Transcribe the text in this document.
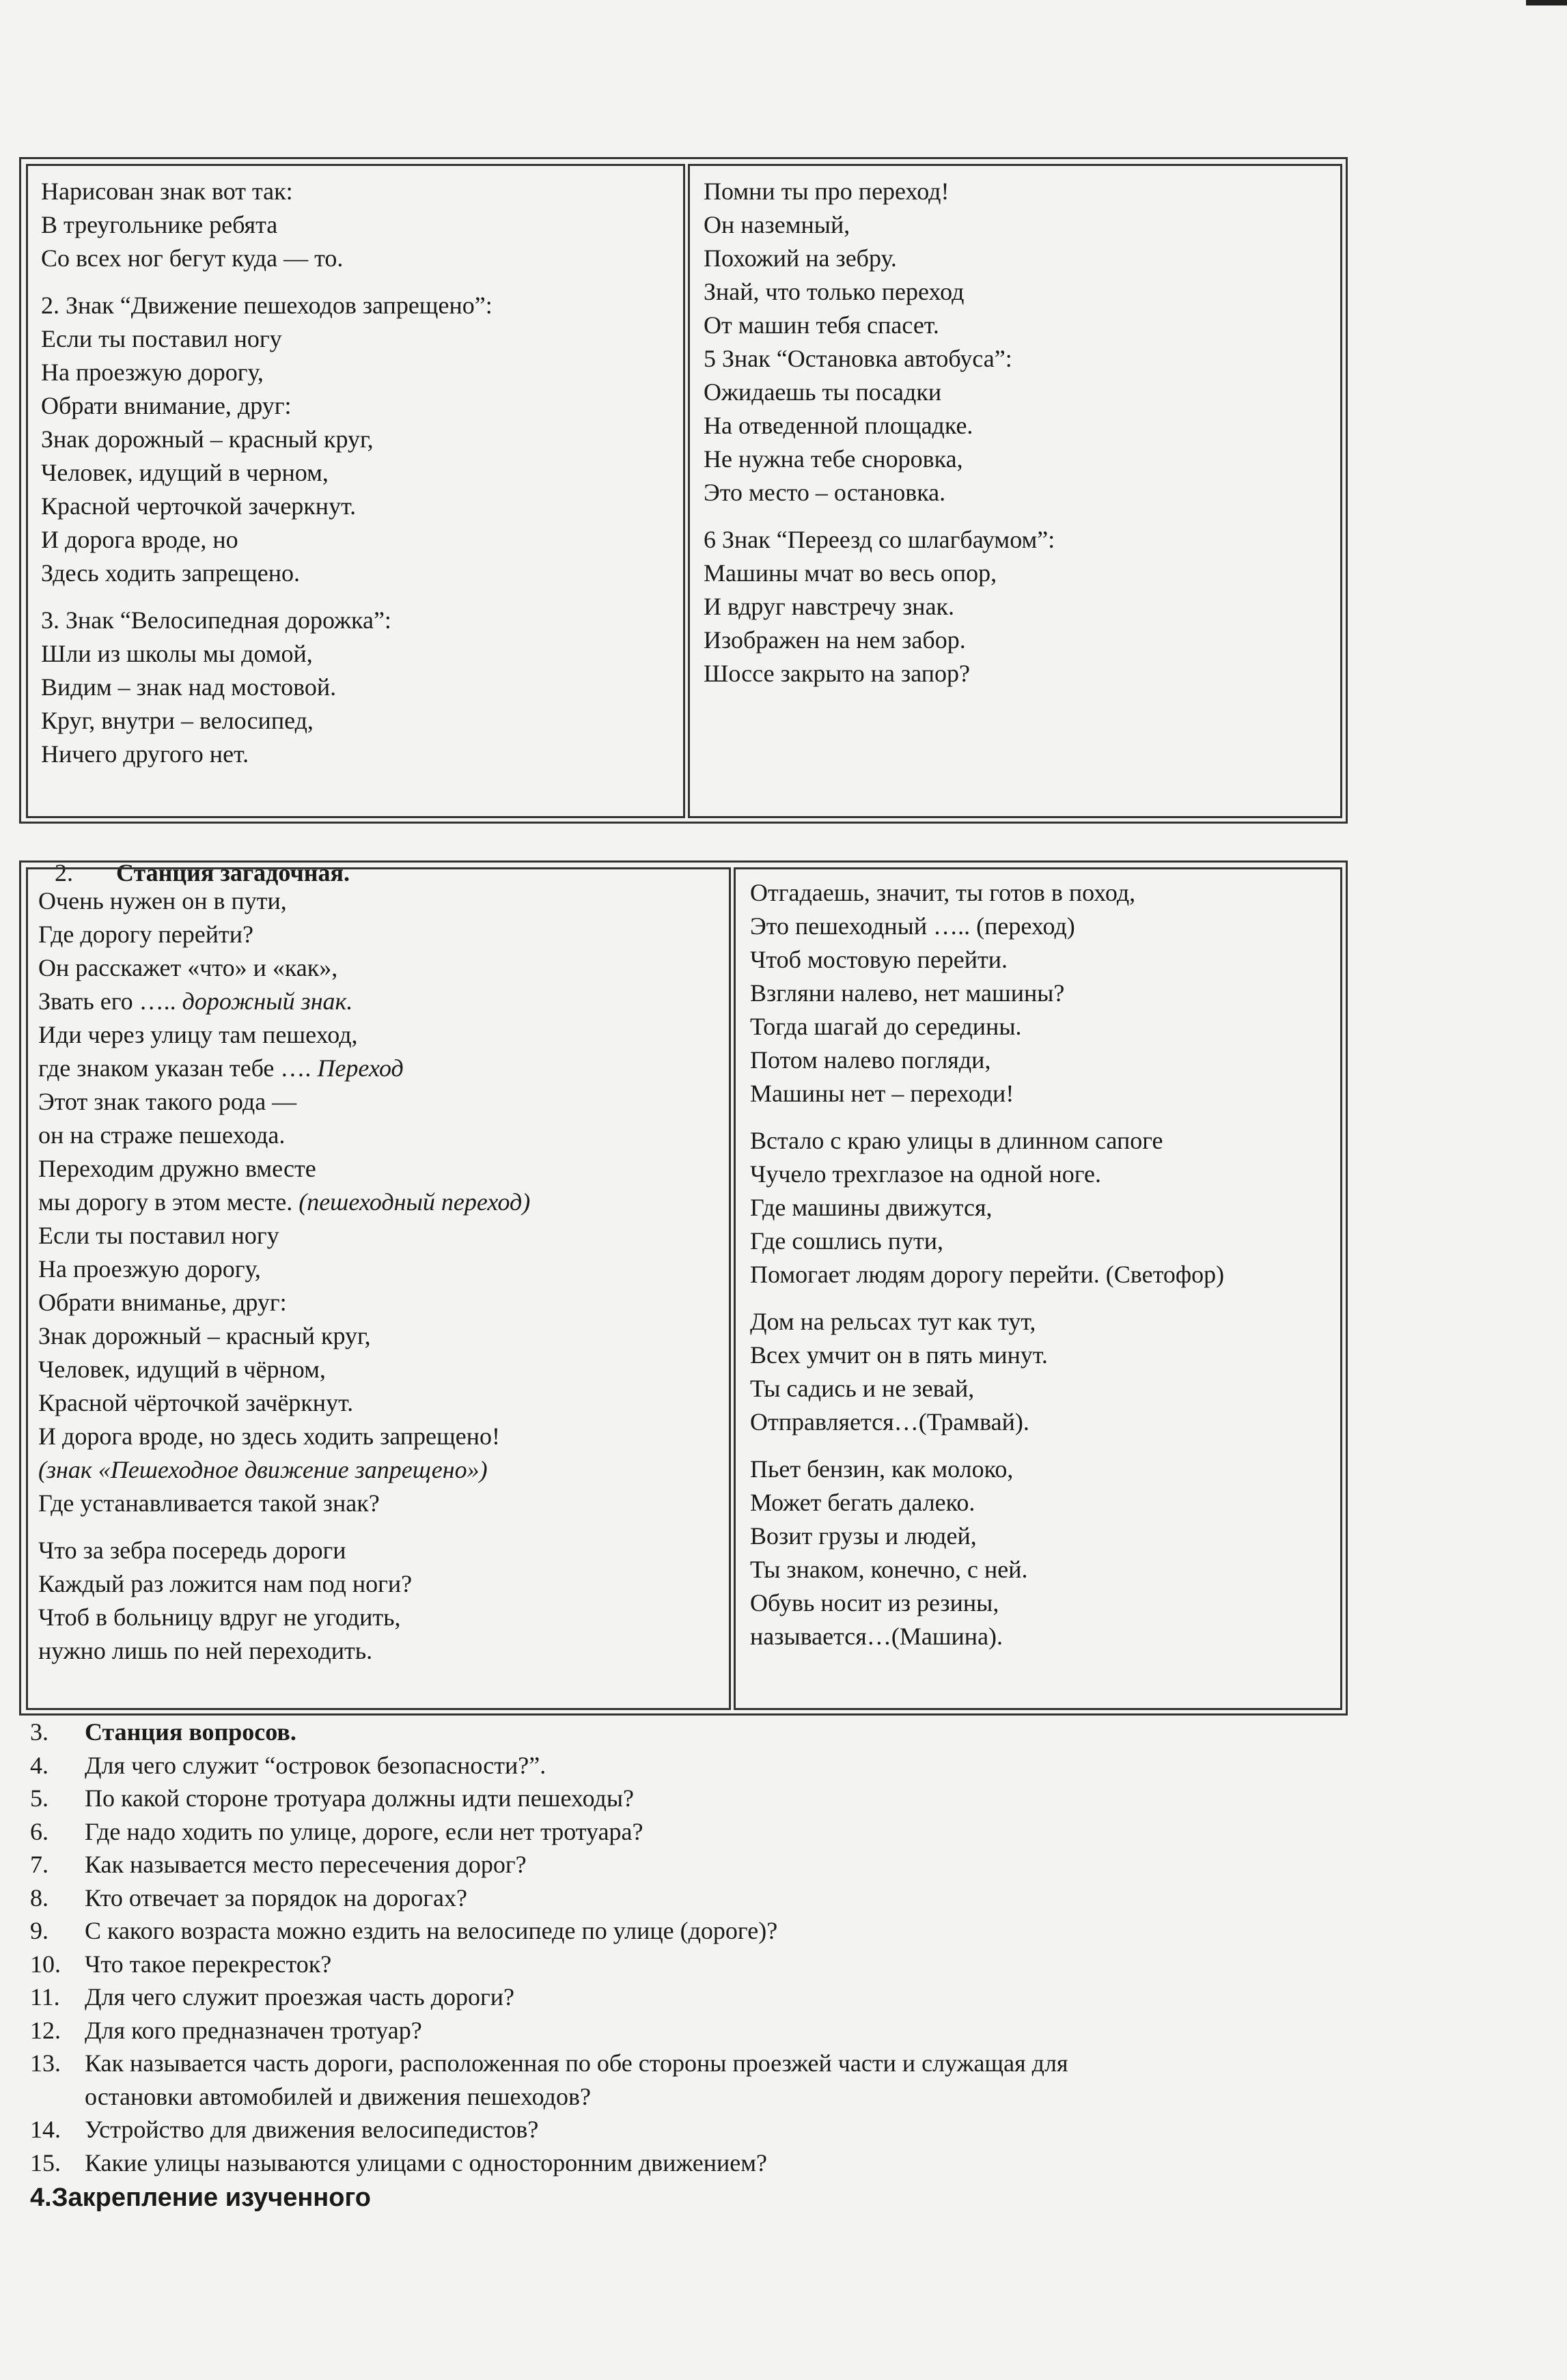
Нарисован знак вот так:
В треугольнике ребята
Со всех ног бегут куда — то.
2. Знак “Движение пешеходов запрещено”:
Если ты поставил ногу
На проезжую дорогу,
Обрати внимание, друг:
Знак дорожный – красный круг,
Человек, идущий в черном,
Красной черточкой зачеркнут.
И дорога вроде, но
Здесь ходить запрещено.
3. Знак “Велосипедная дорожка”:
Шли из школы мы домой,
Видим – знак над мостовой.
Круг, внутри – велосипед,
Ничего другого нет.
Помни ты про переход!
Он наземный,
Похожий на зебру.
Знай, что только переход
От машин тебя спасет.
5 Знак “Остановка автобуса”:
Ожидаешь ты посадки
На отведенной площадке.
Не нужна тебе сноровка,
Это место – остановка.
6 Знак “Переезд со шлагбаумом”:
Машины мчат во весь опор,
И вдруг навстречу знак.
Изображен на нем забор.
Шоссе закрыто на запор?

2. Станция загадочная.

Очень нужен он в пути,
Где дорогу перейти?
Он расскажет «что» и «как»,
Звать его ….. дорожный знак.
Иди через улицу там пешеход,
где знаком указан тебе …. Переход
Этот знак такого рода —
он на страже пешехода.
Переходим дружно вместе
мы дорогу в этом месте. (пешеходный переход)
Если ты поставил ногу
На проезжую дорогу,
Обрати вниманье, друг:
Знак дорожный – красный круг,
Человек, идущий в чёрном,
Красной чёрточкой зачёркнут.
И дорога вроде, но здесь ходить запрещено!
(знак «Пешеходное движение запрещено»)
Где устанавливается такой знак?
Что за зебра посередь дороги
Каждый раз ложится нам под ноги?
Чтоб в больницу вдруг не угодить,
нужно лишь по ней переходить.
Отгадаешь, значит, ты готов в поход,
Это пешеходный ….. (переход)
Чтоб мостовую перейти.
Взгляни налево, нет машины?
Тогда шагай до середины.
Потом налево погляди,
Машины нет – переходи!
Встало с краю улицы в длинном сапоге
Чучело трехглазое на одной ноге.
Где машины движутся,
Где сошлись пути,
Помогает людям дорогу перейти. (Светофор)
Дом на рельсах тут как тут,
Всех умчит он в пять минут.
Ты садись и не зевай,
Отправляется…(Трамвай).
Пьет бензин, как молоко,
Может бегать далеко.
Возит грузы и людей,
Ты знаком, конечно, с ней.
Обувь носит из резины,
называется…(Машина).
3.	Станция вопросов.
4.	Для чего служит “островок безопасности?”.
5.	По какой стороне тротуара должны идти пешеходы?
6.	Где надо ходить по улице, дороге, если нет тротуара?
7.	Как называется место пересечения дорог?
8.	Кто отвечает за порядок на дорогах?
9.	С какого возраста можно ездить на велосипеде по улице (дороге)?
10. Что такое перекресток?
11.	Для чего служит проезжая часть дороги?
12. Для кого предназначен тротуар?
13. Как называется часть дороги, расположенная по обе стороны проезжей части и служащая для
остановки автомобилей и движения пешеходов?
14. Устройство для движения велосипедистов?
15. Какие улицы называются улицами с односторонним движением?
4.Закрепление изученного
